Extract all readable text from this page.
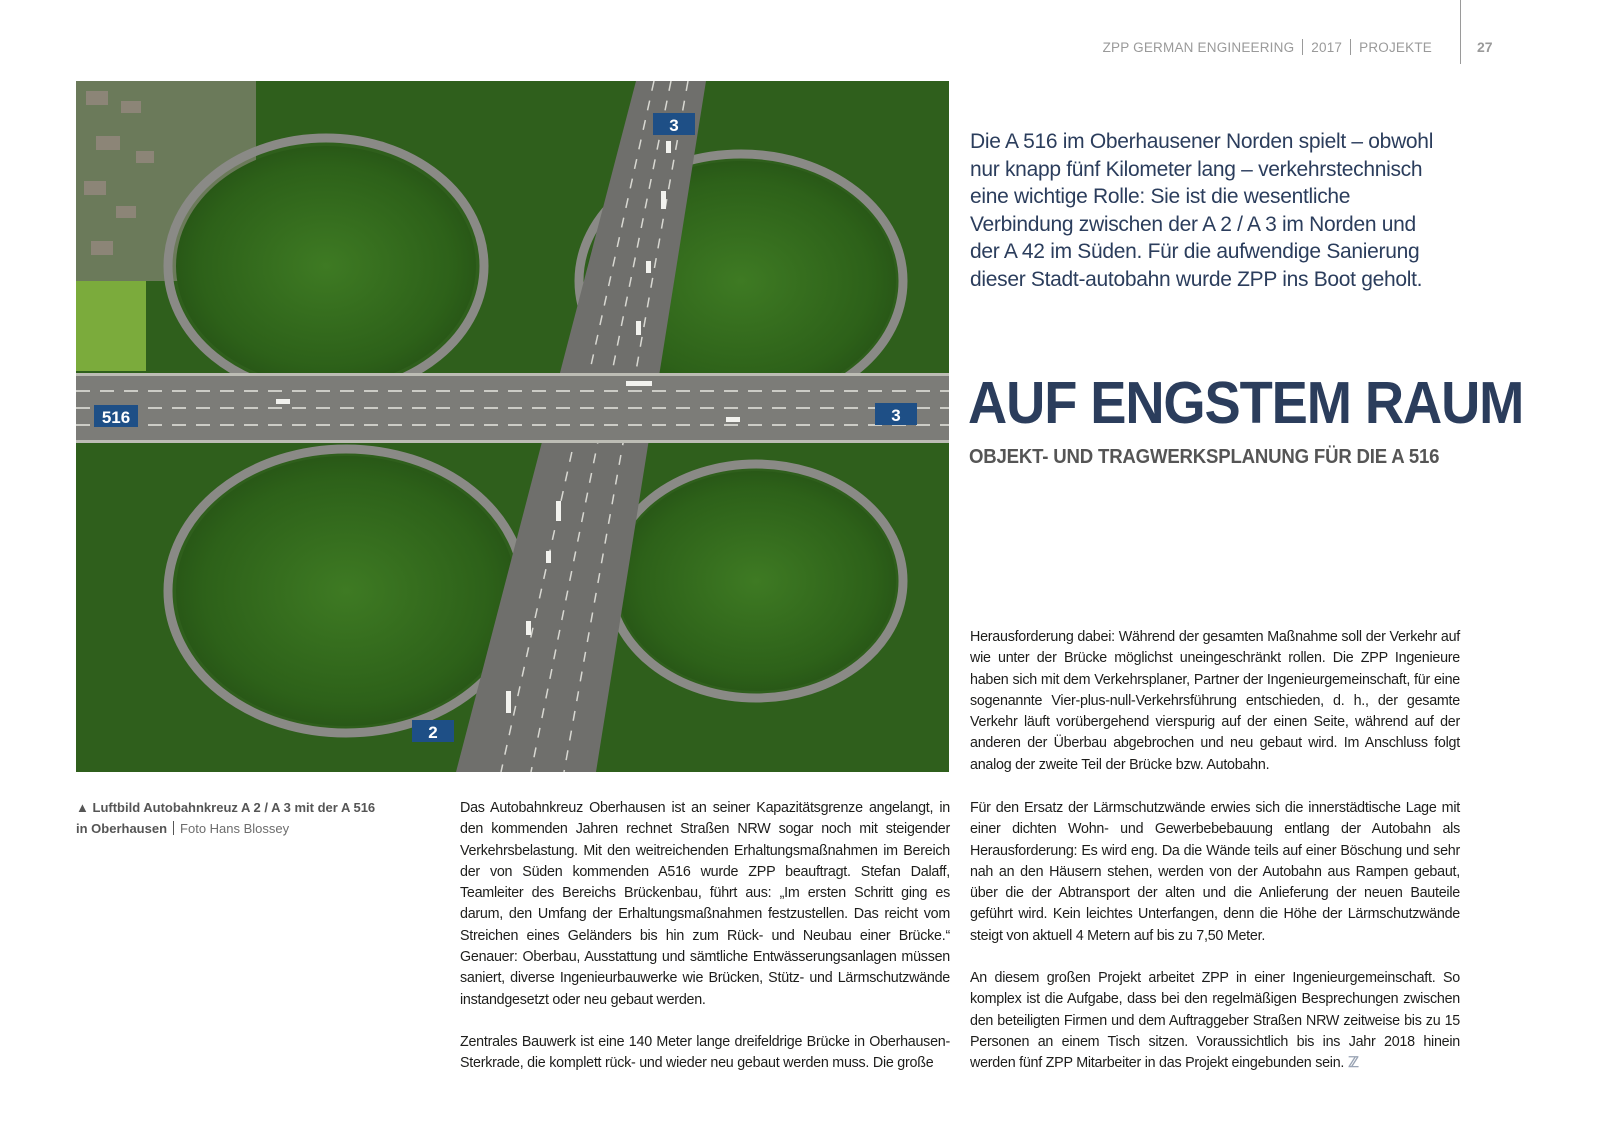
ZPP GERMAN ENGINEERING 2017 PROJEKTE	27
3
3
2
516
Die A 516 im Oberhausener Norden spielt – obwohl nur knapp fünf Kilometer lang – verkehrstechnisch eine wichtige Rolle: Sie ist die wesentliche Verbindung zwischen der A 2 / A 3 im Norden und der A 42 im Süden. Für die aufwendige Sanierung dieser Stadt-autobahn wurde ZPP ins Boot geholt.
AUF ENGSTEM RAUM
OBJEKT- UND TRAGWERKSPLANUNG FÜR DIE A 516
▲ Luftbild Autobahnkreuz A 2 / A 3 mit der A 516
in Oberhausen Foto Hans Blossey

Das Autobahnkreuz Oberhausen ist an seiner Kapazitätsgrenze angelangt, in den kommenden Jahren rechnet Straßen NRW sogar noch mit steigender Verkehrsbelastung. Mit den weitreichenden Erhaltungsmaßnahmen im Bereich der von Süden kommenden A516 wurde ZPP beauftragt. Stefan Dalaff, Teamleiter des Bereichs Brückenbau, führt aus: „Im ersten Schritt ging es darum, den Umfang der Erhaltungsmaßnahmen festzustellen. Das reicht vom Streichen eines Geländers bis hin zum Rück- und Neubau einer Brücke.“ Genauer: Oberbau, Ausstattung und sämtliche Entwässerungsanlagen müssen saniert, diverse Ingenieurbauwerke wie Brücken, Stütz- und Lärmschutzwände instandgesetzt oder neu gebaut werden.

Zentrales Bauwerk ist eine 140 Meter lange dreifeldrige Brücke in Oberhausen-Sterkrade, die komplett rück- und wieder neu gebaut werden muss. Die große

Herausforderung dabei: Während der gesamten Maßnahme soll der Verkehr auf wie unter der Brücke möglichst uneingeschränkt rollen. Die ZPP Ingenieure haben sich mit dem Verkehrsplaner, Partner der Ingenieurgemeinschaft, für eine sogenannte Vier-plus-null-Verkehrsführung entschieden, d. h., der gesamte Verkehr läuft vorübergehend vierspurig auf der einen Seite, während auf der anderen der Überbau abgebrochen und neu gebaut wird. Im Anschluss folgt analog der zweite Teil der Brücke bzw. Autobahn.

Für den Ersatz der Lärmschutzwände erwies sich die innerstädtische Lage mit einer dichten Wohn- und Gewerbebebauung entlang der Autobahn als Herausforderung: Es wird eng. Da die Wände teils auf einer Böschung und sehr nah an den Häusern stehen, werden von der Autobahn aus Rampen gebaut, über die der Abtransport der alten und die Anlieferung der neuen Bauteile geführt wird. Kein leichtes Unterfangen, denn die Höhe der Lärmschutzwände steigt von aktuell 4 Metern auf bis zu 7,50 Meter.

An diesem großen Projekt arbeitet ZPP in einer Ingenieurgemeinschaft. So komplex ist die Aufgabe, dass bei den regelmäßigen Besprechungen zwischen den beteiligten Firmen und dem Auftraggeber Straßen NRW zeitweise bis zu 15 Personen an einem Tisch sitzen. Voraussichtlich bis ins Jahr 2018 hinein werden fünf ZPP Mitarbeiter in das Projekt eingebunden sein. ℤ
